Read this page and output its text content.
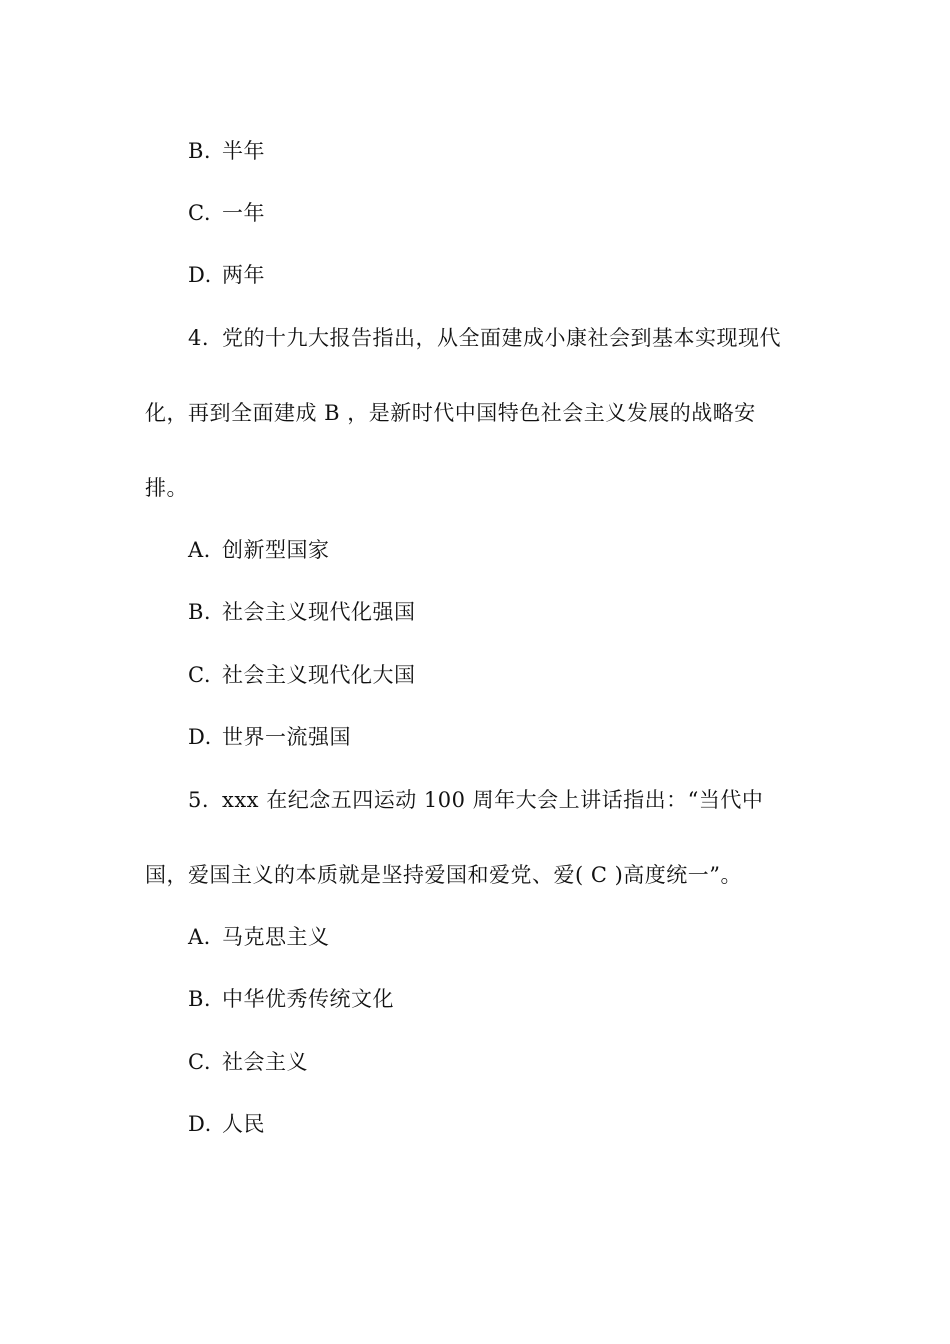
B. 半年
C. 一年
D. 两年
4. 党的十九大报告指出，从全面建成小康社会到基本实现现代
化，再到全面建成 B ，是新时代中国特色社会主义发展的战略安
排。
A. 创新型国家
B. 社会主义现代化强国
C. 社会主义现代化大国
D. 世界一流强国
5. xxx 在纪念五四运动 100 周年大会上讲话指出：“当代中
国，爱国主义的本质就是坚持爱国和爱党、爱( C )高度统一”。
A. 马克思主义
B. 中华优秀传统文化
C. 社会主义
D. 人民
